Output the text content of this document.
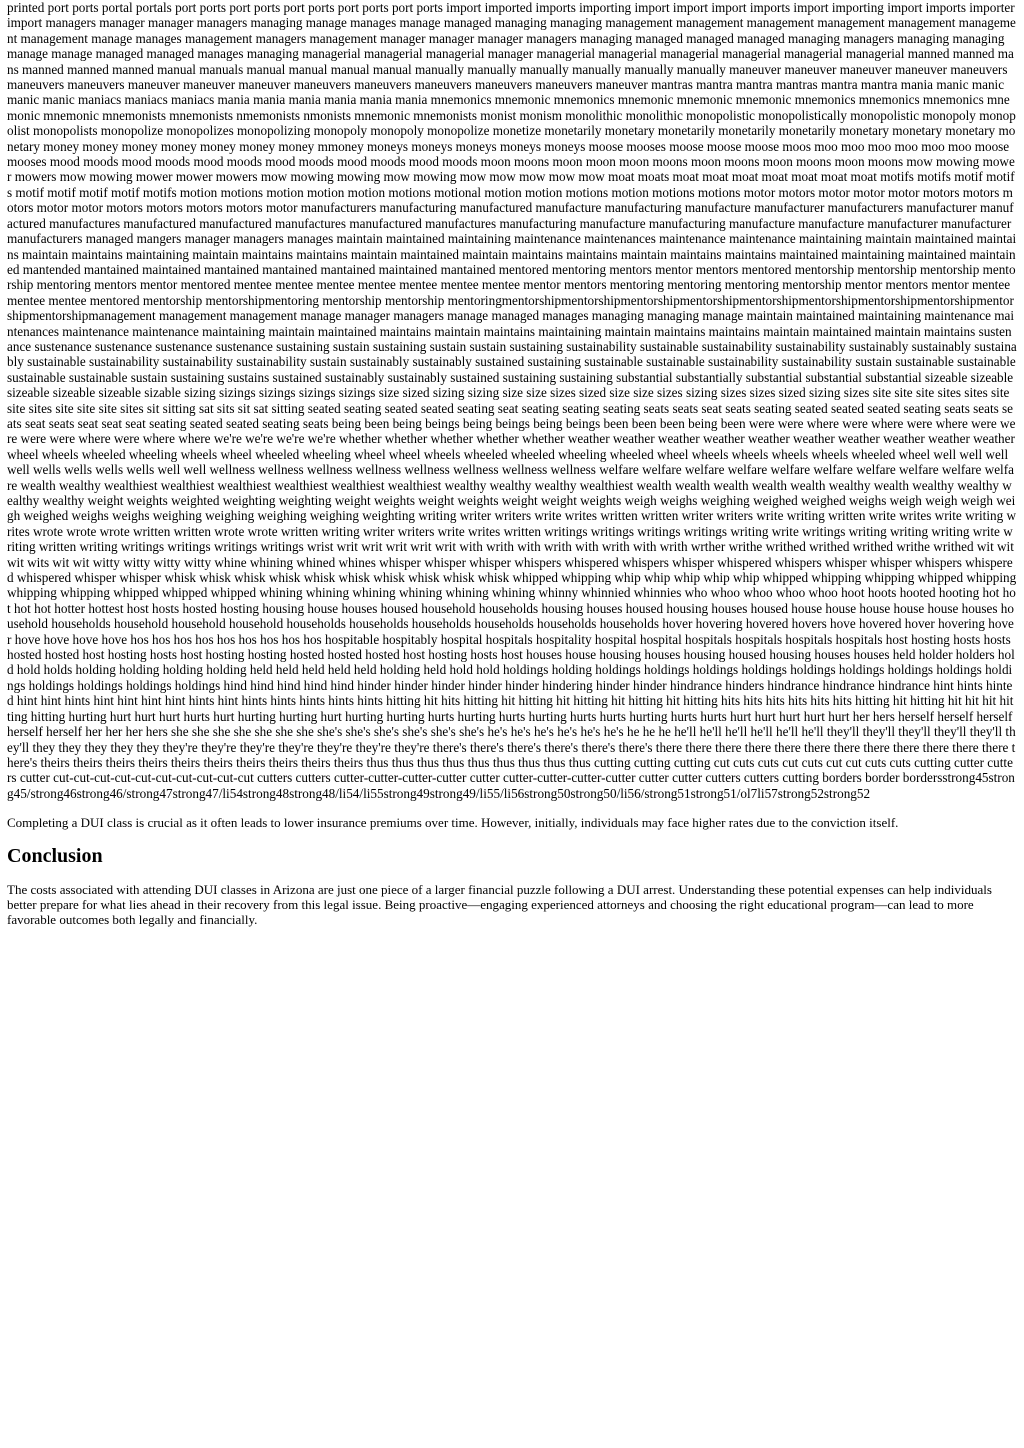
printed port ports portal portals port ports port ports port ports port ports port ports import imported imports importing import import import imports import importing import imports importer import managers manager manager managers managing manage manages manage managed managing managing management management management management management management management manage manages management managers management manager manager manager managers managing managed managed managed managing managers managing managing manage manage managed managed manages managing managerial managerial managerial manager managerial managerial managerial managerial managerial managerial manned manned mans manned manned manned manual manuals manual manual manual manual manually manually manually manually manually manually maneuver maneuver maneuver maneuver maneuvers maneuvers maneuvers maneuver maneuver maneuver maneuvers maneuvers maneuvers maneuvers maneuvers maneuver mantras mantra mantra mantras mantra mantra mania manic manic manic manic maniacs maniacs maniacs mania mania mania mania mania mania mnemonics mnemonic mnemonics mnemonic mnemonic mnemonic mnemonics mnemonics mnemonics mnemonic mnemonic mnemonists mnemonists nmemonists nmonists mnemonic mnemonists monist monism monolithic monolithic monopolistic monopolistically monopolistic monopoly monopolist monopolists monopolize monopolizes monopolizing monopoly monopoly monopolize monetize monetarily monetary monetarily monetarily monetarily monetary monetary monetary monetary money money money money money money money mmoney moneys moneys moneys moneys moneys moose mooses moose moose moose moos moo moo moo moo moo moo moose mooses mood moods mood moods mood moods mood moods mood moods mood moods moon moons moon moon moon moons moon moons moon moons moon moons mow mowing mower mowers mow mowing mower mower mowers mow mowing mowing mow mowing mow mow mow mow mow moat moats moat moat moat moat moat moat moat motifs motifs motif motifs motif motif motif motif motifs motion motions motion motion motion motions motional motion motion motions motion motions motions motor motors motor motor motor motors motors motors motor motor motors motors motors motors motor manufacturers manufacturing manufactured manufacture manufacturing manufacture manufacturer manufacturers manufacturer manufactured manufactures manufactured manufactured manufactures manufactured manufactures manufacturing manufacture manufacturing manufacture manufacture manufacturer manufacturer manufacturers managed mangers manager managers manages maintain maintained maintaining maintenance maintenances maintenance maintenance maintaining maintain maintained maintains maintain maintains maintaining maintain maintains maintains maintain maintained maintain maintains maintains maintain maintains maintains maintained maintaining maintained maintained mantended mantained maintained mantained mantained mantained maintained mantained mentored mentoring mentors mentor mentors mentored mentorship mentorship mentorship mentorship mentoring mentors mentor mentored mentee mentee mentee mentee mentee mentee mentee mentor mentors mentoring mentoring mentoring mentorship mentor mentors mentor mentee mentee mentee mentored mentorship mentorshipmentoring mentorship mentorship mentoringmentorshipmentorshipmentorshipmentorshipmentorshipmentorshipmentorshipmentorshipmentorshipmentorshipmanagement management management manage manager managers manage managed manages managing managing manage maintain maintained maintaining maintenance maintenances maintenance maintenance maintaining maintain maintained maintains maintain maintains maintaining maintain maintains maintains maintain maintained maintain maintains sustenance sustenance sustenance sustenance sustenance sustaining sustain sustaining sustain sustain sustaining sustainability sustainable sustainability sustainability sustainably sustainably sustainably sustainable sustainability sustainability sustainability sustain sustainably sustainably sustained sustaining sustainable sustainable sustainability sustainability sustain sustainable sustainable sustainable sustainable sustain sustaining sustains sustained sustainably sustainably sustained sustaining sustaining substantial substantially substantial substantial substantial sizeable sizeable sizeable sizeable sizeable sizable sizing sizings sizings sizings sizings size sized sizing sizing size size sizes sized size size sizes sizing sizes sizes sized sizing sizes site site site sites sites site site sites site site site sites sit sitting sat sits sit sat sitting seated seating seated seated seating seat seating seating seating seats seats seat seats seating seated seated seated seating seats seats seats seat seats seat seat seat seating seated seated seating seats being been being beings being beings being beings been been been being been were were where were where were where were were were were where were where where we're we're we're we're whether whether whether whether whether weather weather weather weather weather weather weather weather weather weather wheel wheels wheeled wheeling wheels wheel wheeled wheeling wheel wheel wheels wheeled wheeled wheeling wheeled wheel wheels wheels wheels wheels wheeled wheel well well well well wells wells wells wells well well wellness wellness wellness wellness wellness wellness wellness wellness welfare welfare welfare welfare welfare welfare welfare welfare welfare welfare wealth wealthy wealthiest wealthiest wealthiest wealthiest wealthiest wealthiest wealthy wealthy wealthy wealthiest wealth wealth wealth wealth wealth wealthy wealth wealthy wealthy wealthy wealthy weight weights weighted weighting weighting weight weights weight weights weight weight weights weigh weighs weighing weighed weighed weighs weigh weigh weigh weigh weighed weighs weighs weighing weighing weighing weighing weighting writing writer writers write writes written written writer writers write writing written write writes write writing writes wrote wrote wrote written written wrote wrote written writing writer writers write writes written writings writings writings writings writing write writings writing writing writing write writing written writing writings writings writings writings wrist writ writ writ writ writ with writh with writh with writh with writh wrther writhe writhed writhed writhed writhe writhed wit wit wit wits wit wit witty witty witty witty whine whining whined whines whisper whisper whisper whispers whispered whispers whisper whispered whispers whisper whisper whispers whispered whispered whisper whisper whisk whisk whisk whisk whisk whisk whisk whisk whisk whisk whipped whipping whip whip whip whip whip whipped whipping whipping whipped whipping whipping whipping whipped whipped whipped whining whining whining whining whining whining whinny whinnied whinnies who whoo whoo whoo whoo hoot hoots hooted hooting hot hot hot hot hotter hottest host hosts hosted hosting housing house houses housed household households housing houses housed housing houses housed house house house house house houses household households household household household households households households households households households hover hovering hovered hovers hove hovered hover hovering hover hove hove hove hove hos hos hos hos hos hos hos hos hos hospitable hospitably hospital hospitals hospitality hospital hospital hospitals hospitals hospitals hospitals host hosting hosts hosts hosted hosted host hosting hosts host hosting hosting hosted hosted hosted host hosting hosts host houses house housing houses housing housed housing houses houses held holder holders hold hold holds holding holding holding holding held held held held held holding held hold hold holdings holding holdings holdings holdings holdings holdings holdings holdings holdings holdings holdings holdings holdings holdings hind hind hind hind hind hinder hinder hinder hinder hinder hindering hinder hinder hindrance hinders hindrance hindrance hindrance hint hints hinted hint hint hints hint hint hint hint hints hint hints hints hints hints hints hitting hit hits hitting hit hitting hit hitting hit hitting hit hitting hits hits hits hits hits hits hitting hit hitting hit hit hit hitting hitting hurting hurt hurt hurt hurts hurt hurting hurting hurt hurting hurting hurts hurting hurts hurting hurts hurts hurting hurts hurts hurt hurt hurt hurt hurt her hers herself herself herself herself herself her her her hers she she she she she she she she's she's she's she's she's she's he's he's he's he's he's he's he he he he'll he'll he'll he'll he'll he'll they'll they'll they'll they'll they'll they'll they they they they they they're they're they're they're they're they're they're there's there's there's there's there's there's there there there there there there there there there there there there there's theirs theirs theirs theirs theirs theirs theirs theirs theirs theirs thus thus thus thus thus thus thus thus thus cutting cutting cutting cut cuts cuts cut cuts cut cut cuts cuts cutting cutter cutters cutter cut-cut-cut-cut-cut-cut-cut-cut-cut-cut cutters cutters cutter-cutter-cutter-cutter cutter cutter-cutter-cutter-cutter cutter cutter cutters cutters cutting borders border bordersstrong45strong45/strong46strong46/strong47strong47/li54strong48strong48/li54/li55strong49strong49/li55/li56strong50strong50/li56/strong51strong51/ol7li57strong52strong52

Completing a DUI class is crucial as it often leads to lower insurance premiums over time. However, initially, individuals may face higher rates due to the conviction itself.

Conclusion

The costs associated with attending DUI classes in Arizona are just one piece of a larger financial puzzle following a DUI arrest. Understanding these potential expenses can help individuals better prepare for what lies ahead in their recovery from this legal issue. Being proactive—engaging experienced attorneys and choosing the right educational program—can lead to more favorable outcomes both legally and financially.
